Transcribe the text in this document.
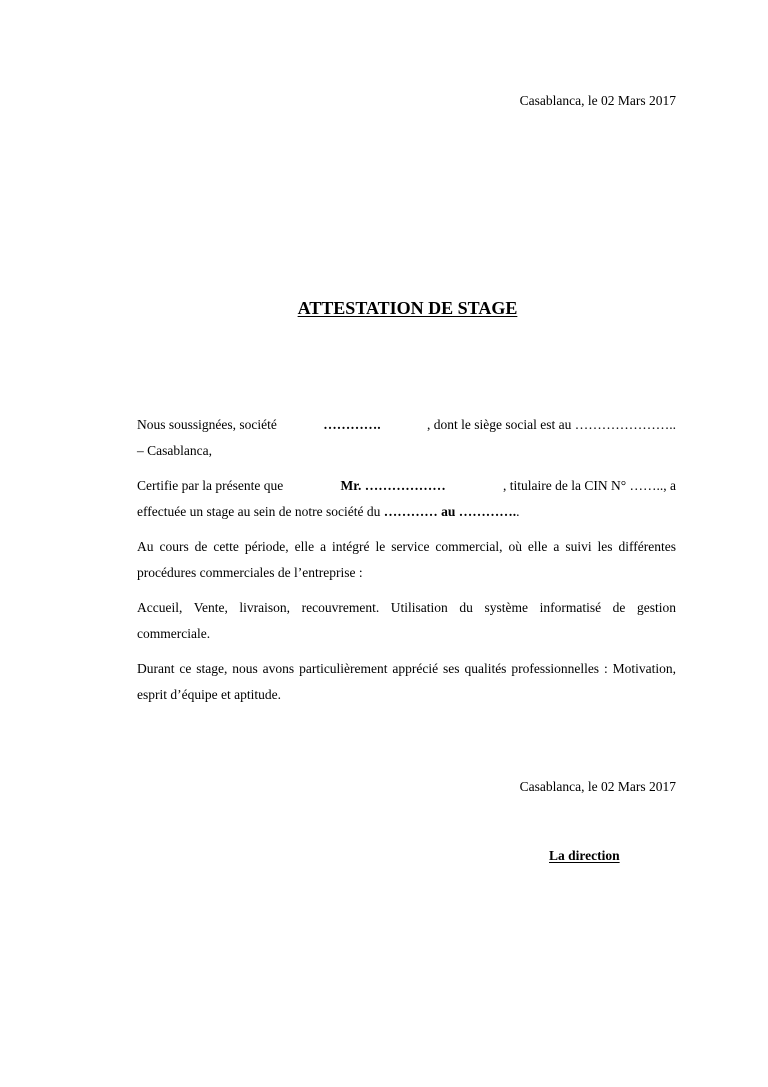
Casablanca, le 02 Mars 2017
ATTESTATION DE STAGE
Nous soussignées, société	………….	, dont le siège social est au …………………..
– Casablanca,
Certifie par la présente que	Mr. ………………	, titulaire de la CIN N° …….., a
effectuée un stage au sein de notre société du ………… au …………..

Au cours de cette période, elle a intégré le service commercial, où elle a suivi les différentes procédures commerciales de l’entreprise :

Accueil, Vente, livraison, recouvrement. Utilisation du système informatisé de gestion commerciale.

Durant ce stage, nous avons particulièrement apprécié ses qualités professionnelles : Motivation, esprit d’équipe et aptitude.

Casablanca, le 02 Mars 2017
La direction
